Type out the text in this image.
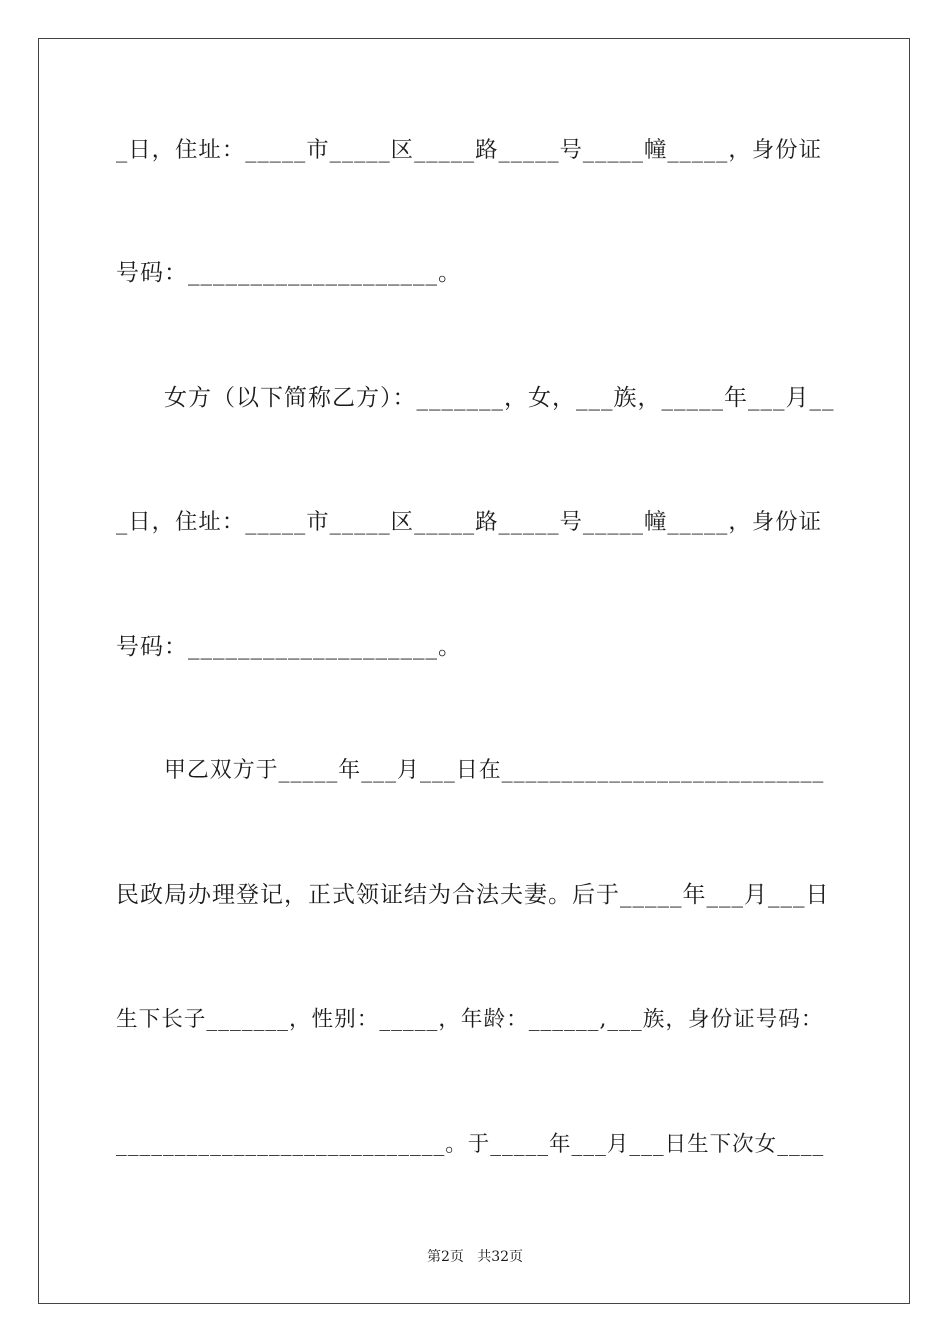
_日，住址：_____市_____区_____路_____号_____幢_____，身份证
号码：____________________。
女方（以下简称乙方）：_______，女，___族，_____年___月__
_日，住址：_____市_____区_____路_____号_____幢_____，身份证
号码：____________________。
甲乙双方于_____年___月___日在___________________________
民政局办理登记，正式领证结为合法夫妻。后于_____年___月___日
生下长子_______，性别：_____，年龄：______,___族，身份证号码：
____________________________。于_____年___月___日生下次女____
第2页   共32页
